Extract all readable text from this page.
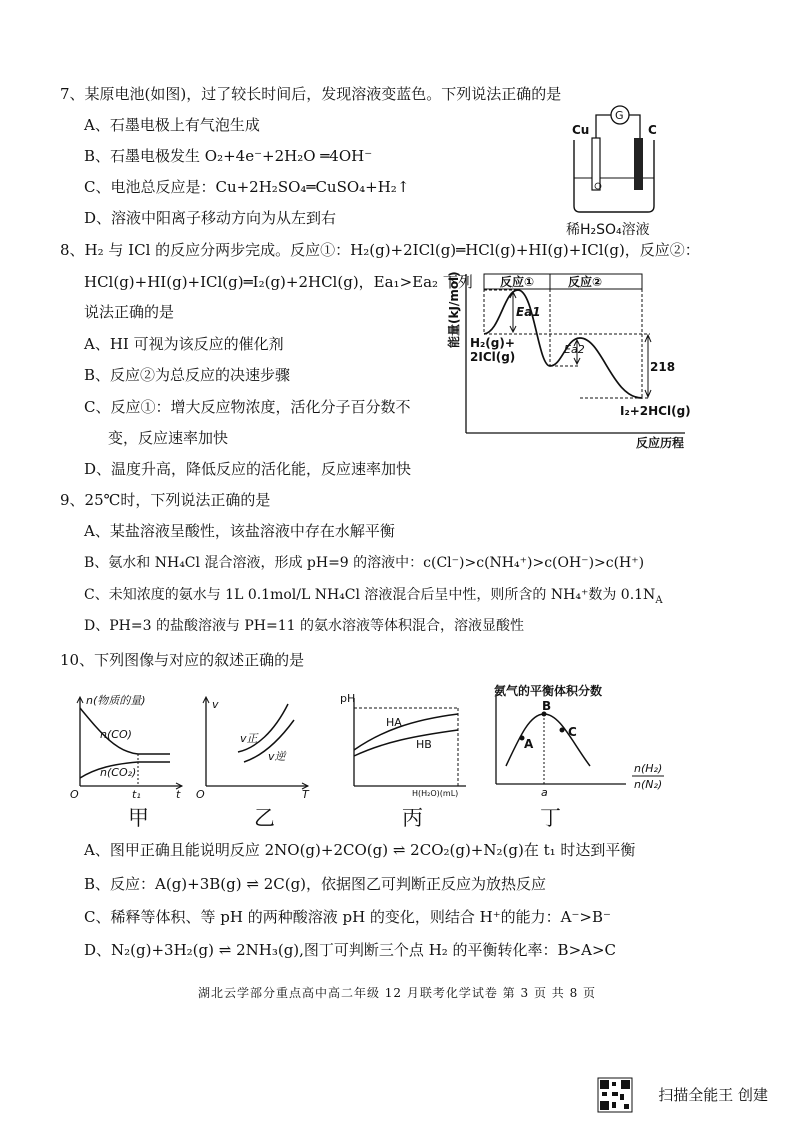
7、某原电池(如图)，过了较长时间后，发现溶液变蓝色。下列说法正确的是
A、石墨电极上有气泡生成
B、石墨电极发生 O₂+4e⁻+2H₂O ═4OH⁻
C、电池总反应是：Cu+2H₂SO₄═CuSO₄+H₂↑
D、溶液中阳离子移动方向为从左到右
G
Cu	C
稀H₂SO₄溶液
8、H₂ 与 ICl 的反应分两步完成。反应①：H₂(g)+2ICl(g)═HCl(g)+HI(g)+ICl(g)，反应②：
HCl(g)+HI(g)+ICl(g)═I₂(g)+2HCl(g)，Ea₁>Ea₂ 下列
说法正确的是
A、HI 可视为该反应的催化剂
B、反应②为总反应的决速步骤
C、反应①：增大反应物浓度，活化分子百分数不
变，反应速率加快
D、温度升高，降低反应的活化能，反应速率加快
能量(kJ/mol)
反应历程
反应①	反应②
Ea1
Ea2
218
H₂(g)+
2ICl(g)
I₂+2HCl(g)
9、25℃时，下列说法正确的是
A、某盐溶液呈酸性，该盐溶液中存在水解平衡
B、氨水和 NH₄Cl 混合溶液，形成 pH=9 的溶液中：c(Cl⁻)>c(NH₄⁺)>c(OH⁻)>c(H⁺)
C、未知浓度的氨水与 1L 0.1mol/L NH₄Cl 溶液混合后呈中性，则所含的 NH₄⁺数为 $0.1N_A$
D、PH=3 的盐酸溶液与 PH=11 的氨水溶液等体积混合，溶液显酸性
10、下列图像与对应的叙述正确的是
n(物质的量)
n(CO)
n(CO₂)
O	t₁	t
甲
v
v正
v逆
O	T
乙
pH
HA
HB
H(H₂O)(mL)
丙
氨气的平衡体积分数
A
B
C
a
n(H₂)
n(N₂)
丁
A、图甲正确且能说明反应 2NO(g)+2CO(g) ⇌ 2CO₂(g)+N₂(g)在 t₁ 时达到平衡
B、反应：A(g)+3B(g) ⇌ 2C(g)，依据图乙可判断正反应为放热反应
C、稀释等体积、等 pH 的两种酸溶液 pH 的变化，则结合 H⁺的能力：A⁻>B⁻
D、N₂(g)+3H₂(g) ⇌ 2NH₃(g),图丁可判断三个点 H₂ 的平衡转化率：B>A>C
湖北云学部分重点高中高二年级 12 月联考化学试卷 第 3 页 共 8 页
扫描全能王 创建
